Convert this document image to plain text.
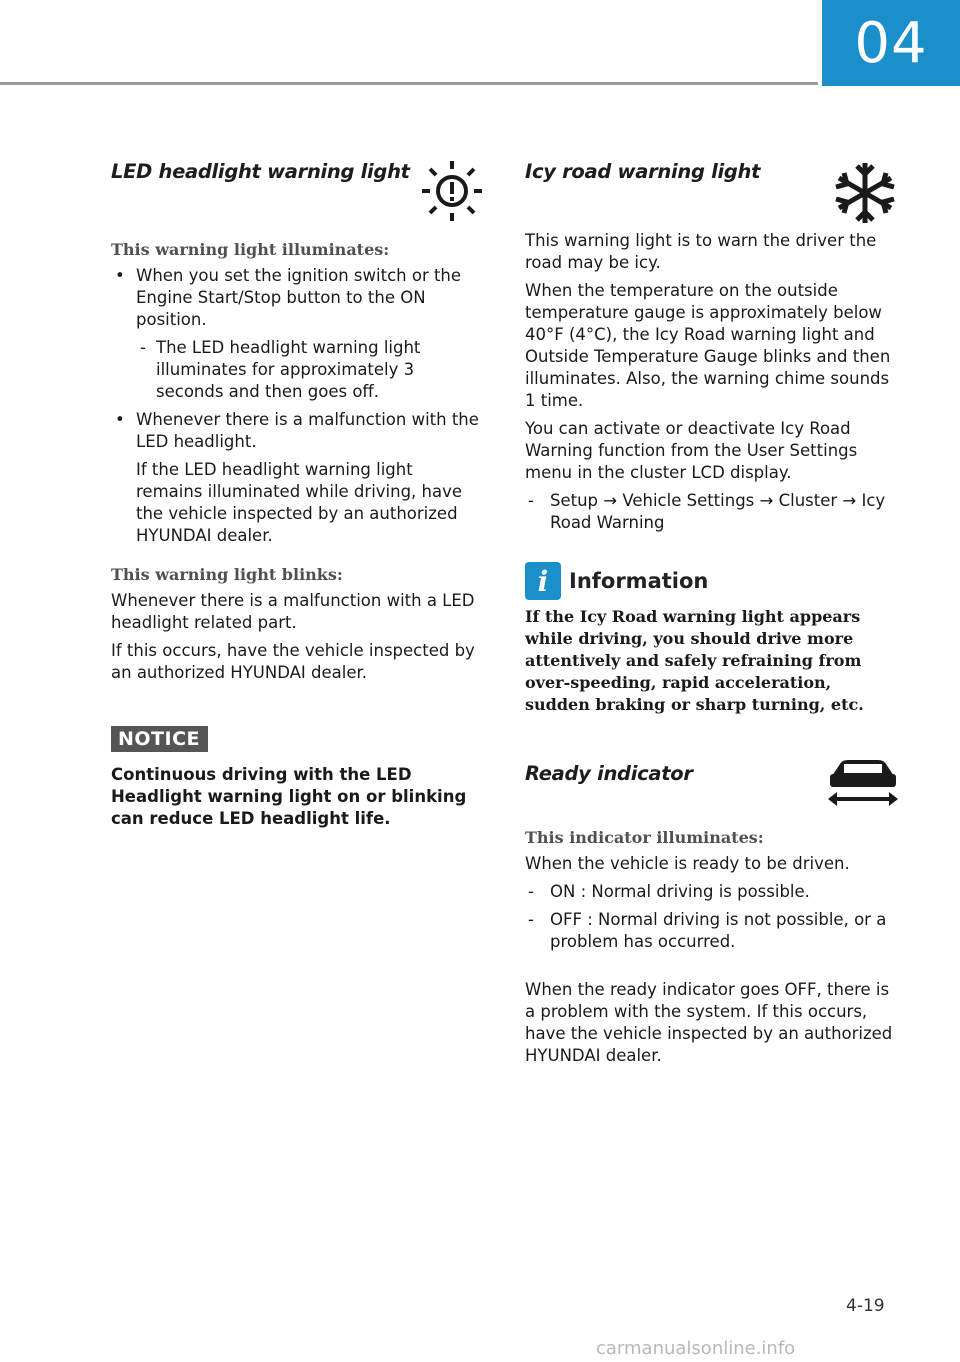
04
LED headlight warning light
This warning light illuminates:
• When you set the ignition switch or the Engine Start/Stop button to the ON position.
- The LED headlight warning light illuminates for approximately 3 seconds and then goes off.
• Whenever there is a malfunction with the LED headlight.
If the LED headlight warning light remains illuminated while driving, have the vehicle inspected by an authorized HYUNDAI dealer.
This warning light blinks:

Whenever there is a malfunction with a LED headlight related part.

If this occurs, have the vehicle inspected by an authorized HYUNDAI dealer.

NOTICE

Continuous driving with the LED Headlight warning light on or blinking can reduce LED headlight life.

Icy road warning light

This warning light is to warn the driver the road may be icy.

When the temperature on the outside temperature gauge is approximately below 40°F (4°C), the Icy Road warning light and Outside Temperature Gauge blinks and then illuminates. Also, the warning chime sounds 1 time.

You can activate or deactivate Icy Road Warning function from the User Settings menu in the cluster LCD display.

- Setup → Vehicle Settings → Cluster → Icy Road Warning
i Information

If the Icy Road warning light appears while driving, you should drive more attentively and safely refraining from over-speeding, rapid acceleration, sudden braking or sharp turning, etc.

Ready indicator
This indicator illuminates:

When the vehicle is ready to be driven.

- ON : Normal driving is possible.
- OFF : Normal driving is not possible, or a problem has occurred.

When the ready indicator goes OFF, there is a problem with the system. If this occurs, have the vehicle inspected by an authorized HYUNDAI dealer.

4-19
carmanualsonline.info
